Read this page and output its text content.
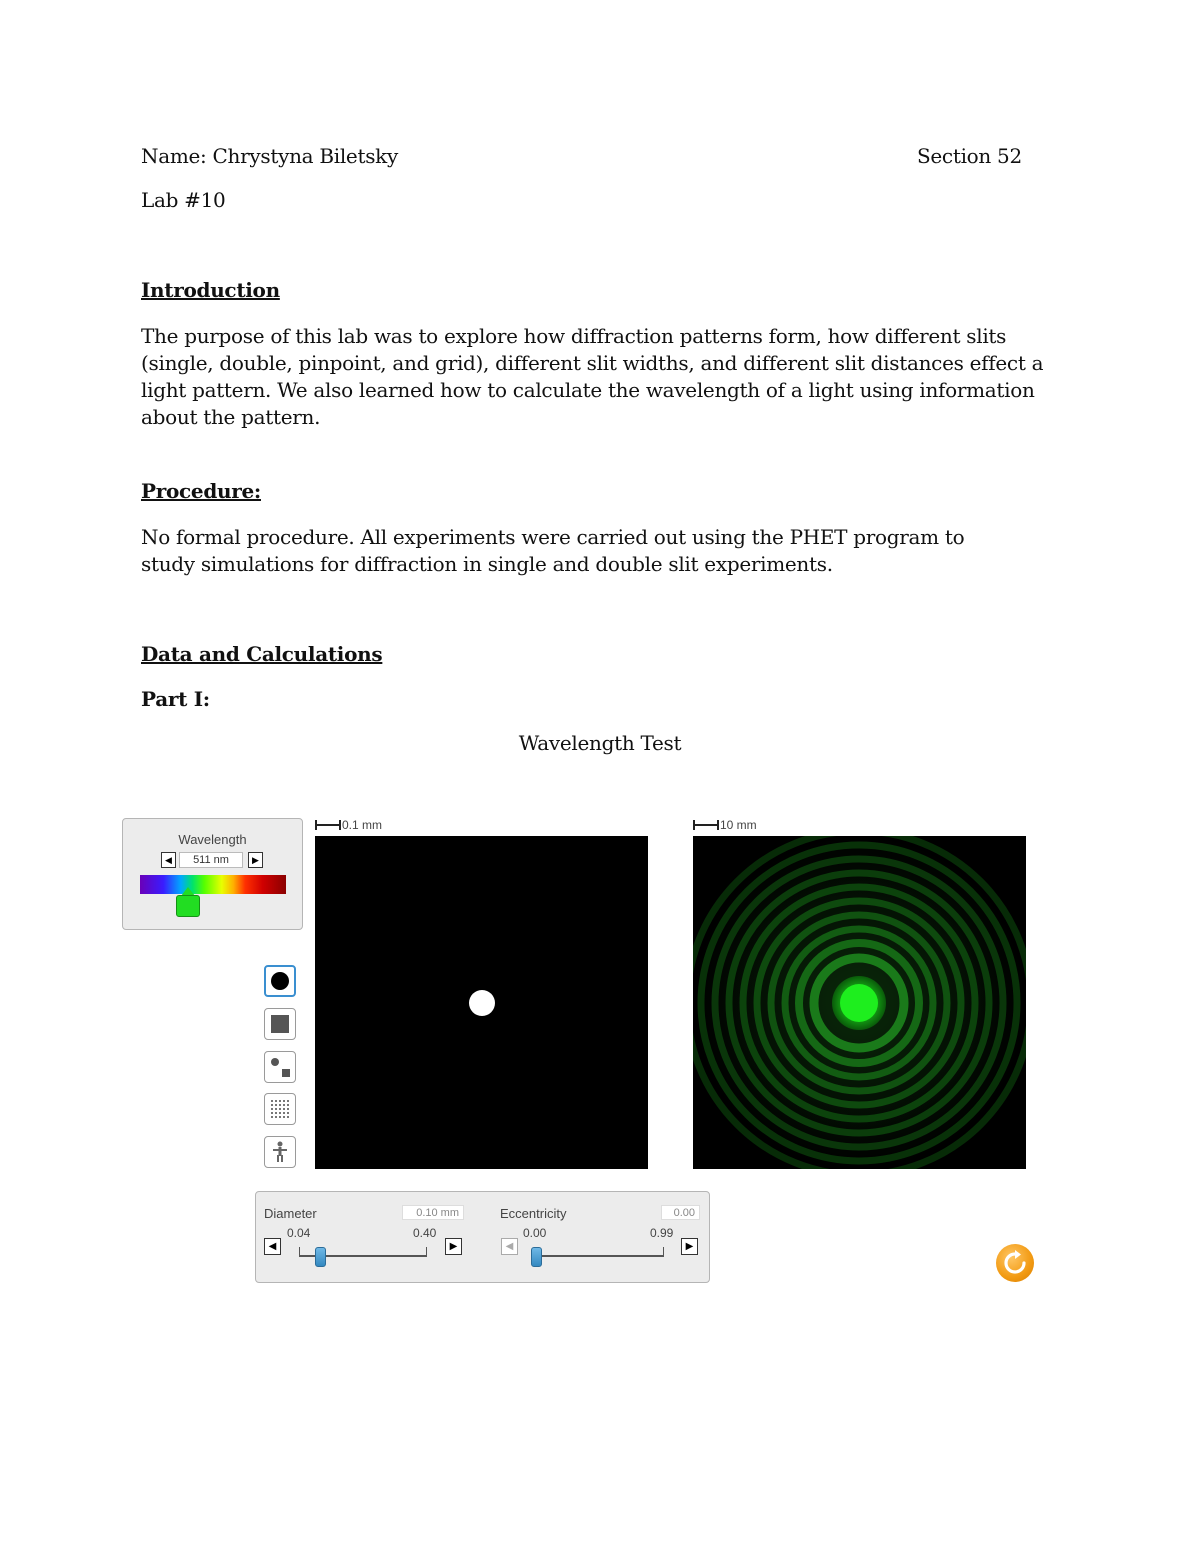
Name: Chrystyna Biletsky	Section 52
Lab #10
Introduction
The purpose of this lab was to explore how diffraction patterns form, how different slits (single, double, pinpoint, and grid), different slit widths, and different slit distances effect a light pattern. We also learned how to calculate the wavelength of a light using information about the pattern.
Procedure:
No formal procedure. All experiments were carried out using the PHET program to study simulations for diffraction in single and double slit experiments.
Data and Calculations
Part I:
Wavelength Test
Wavelength
◀	511 nm	▶
0.1 mm	10 mm
Diameter	0.10 mm
0.04	0.40
◀	▶
Eccentricity	0.00
0.00	0.99
◀	▶
